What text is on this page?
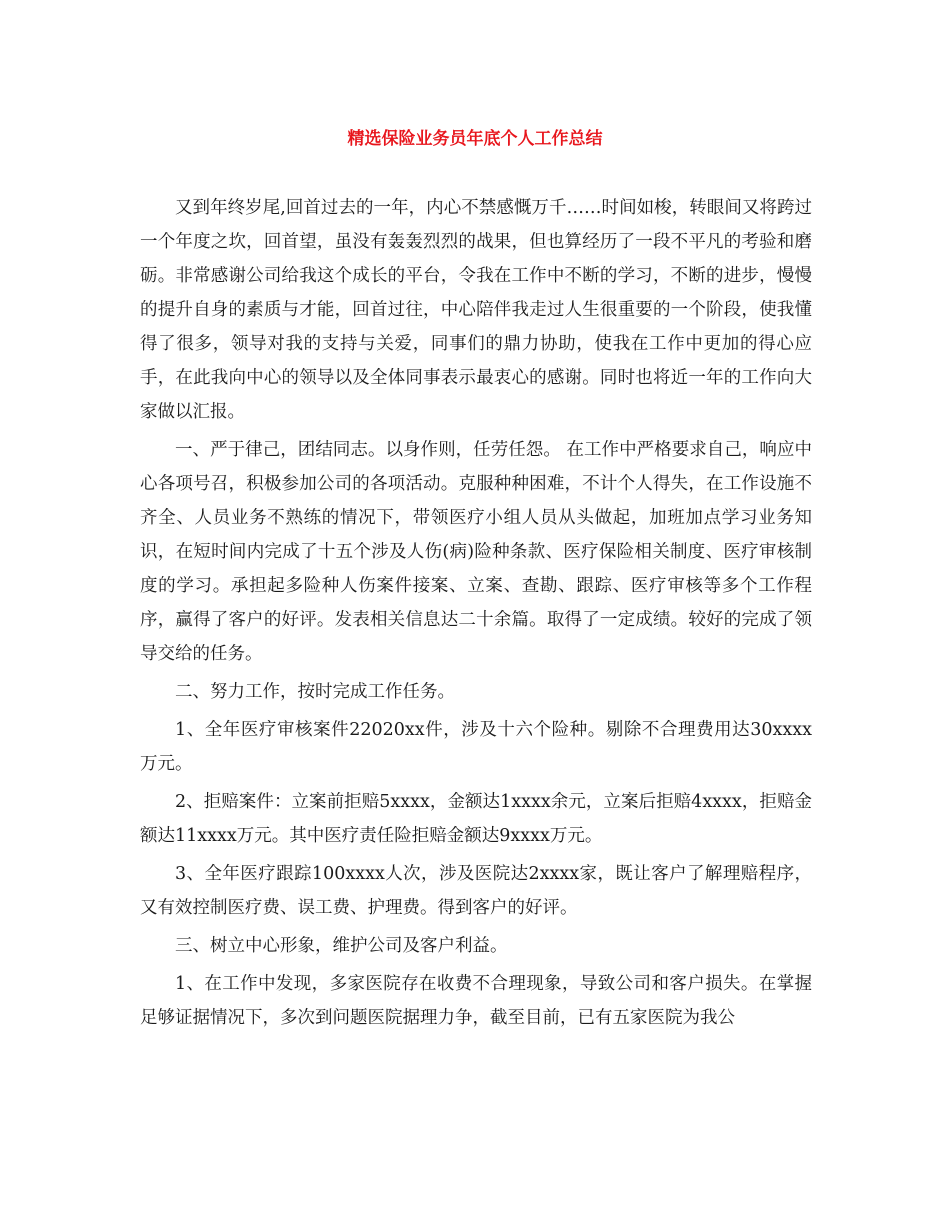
精选保险业务员年底个人工作总结

又到年终岁尾,回首过去的一年，内心不禁感慨万千……时间如梭，转眼间又将跨过一个年度之坎，回首望，虽没有轰轰烈烈的战果，但也算经历了一段不平凡的考验和磨砺。非常感谢公司给我这个成长的平台，令我在工作中不断的学习，不断的进步，慢慢的提升自身的素质与才能，回首过往，中心陪伴我走过人生很重要的一个阶段，使我懂得了很多，领导对我的支持与关爱，同事们的鼎力协助，使我在工作中更加的得心应手，在此我向中心的领导以及全体同事表示最衷心的感谢。同时也将近一年的工作向大家做以汇报。

一、严于律己，团结同志。以身作则，任劳任怨。 在工作中严格要求自己，响应中心各项号召，积极参加公司的各项活动。克服种种困难，不计个人得失，在工作设施不齐全、人员业务不熟练的情况下，带领医疗小组人员从头做起，加班加点学习业务知识，在短时间内完成了十五个涉及人伤(病)险种条款、医疗保险相关制度、医疗审核制度的学习。承担起多险种人伤案件接案、立案、查勘、跟踪、医疗审核等多个工作程序，赢得了客户的好评。发表相关信息达二十余篇。取得了一定成绩。较好的完成了领导交给的任务。

二、努力工作，按时完成工作任务。

1、全年医疗审核案件22020xx件，涉及十六个险种。剔除不合理费用达30xxxx万元。

2、拒赔案件：立案前拒赔5xxxx，金额达1xxxx余元，立案后拒赔4xxxx，拒赔金额达11xxxx万元。其中医疗责任险拒赔金额达9xxxx万元。

3、全年医疗跟踪100xxxx人次，涉及医院达2xxxx家，既让客户了解理赔程序，又有效控制医疗费、误工费、护理费。得到客户的好评。

三、树立中心形象，维护公司及客户利益。

1、在工作中发现，多家医院存在收费不合理现象，导致公司和客户损失。在掌握足够证据情况下，多次到问题医院据理力争，截至目前，已有五家医院为我公
